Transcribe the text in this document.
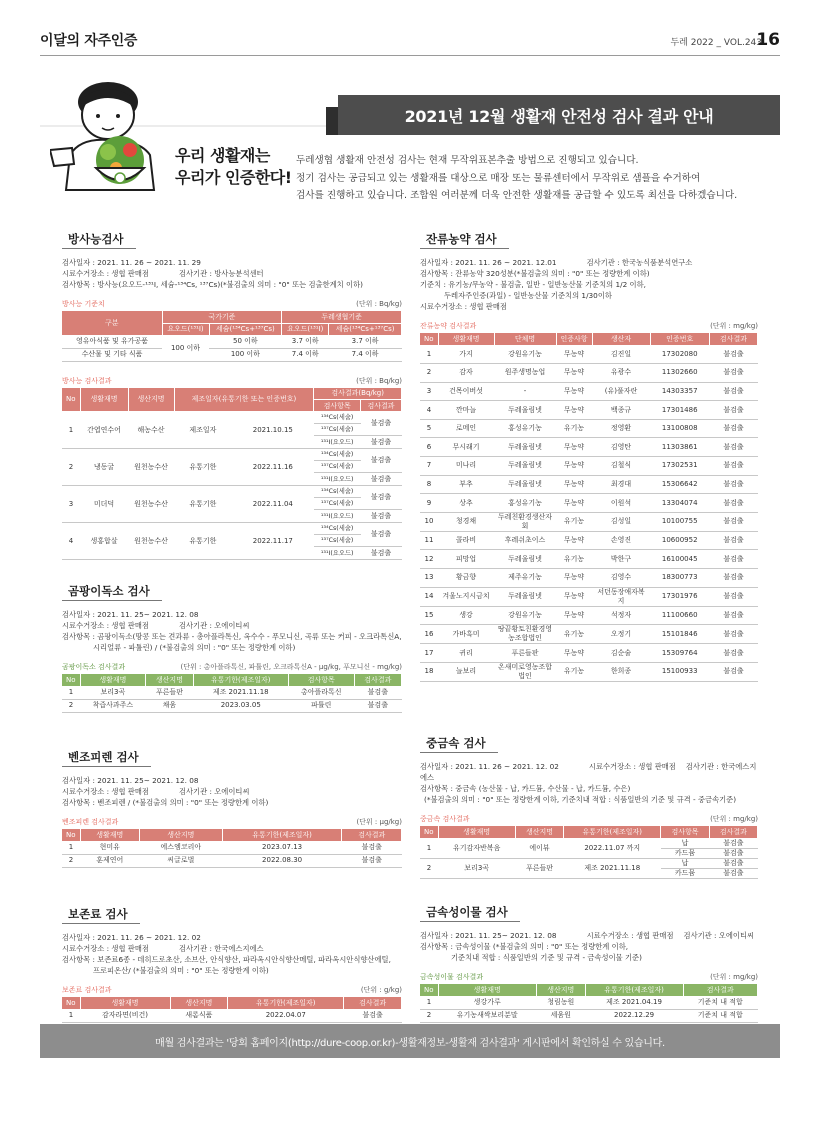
이달의 자주인증	두레 2022 _ VOL.243
16
2021년 12월 생활재 안전성 검사 결과 안내
우리 생활재는
우리가 인증한다!
두레생협 생활재 안전성 검사는 현재 무작위표본추출 방법으로 진행되고 있습니다.
정기 검사는 공급되고 있는 생활재를 대상으로 매장 또는 물류센터에서 무작위로 샘플을 수거하여
검사를 진행하고 있습니다. 조합원 여러분께 더욱 안전한 생활재를 공급할 수 있도록 최선을 다하겠습니다.
방사능검사
검사일자 : 2021. 11. 26 ~ 2021. 11. 29
시료수거장소 : 생협 판매점	검사기관 : 방사능분석센터
검사항목 : 방사능(요오드-¹³¹I, 세슘-¹³⁴Cs, ¹³⁷Cs)(*불검출의 의미 : "0" 또는 검출한계치 이하)
방사능 기준치	(단위 : Bq/kg)
구분	국가기준		두레생협기준	
	요오드(¹³¹I)	세슘(¹³⁴Cs+¹³⁷Cs)	요오드(¹³¹I)	세슘(¹³⁴Cs+¹³⁷Cs)
영유아식품 및 유가공품	100 이하	50 이하	3.7 이하	3.7 이하
수산물 및 기타 식품		100 이하	7.4 이하	7.4 이하
방사능 검사결과	(단위 : Bq/kg)
No	생활재명	생산지명	제조일자(유통기한 또는 인증번호)		검사결과(Bq/kg)	
					검사항목	검사결과
1	간엽연수어	해농수산	제조일자	2021.10.15	¹³⁴Cs(세슘)	불검출
					¹³⁷Cs(세슘)	
					¹³¹I(요오드)	불검출
2	냉동굴	원천농수산	유통기한	2022.11.16	¹³⁴Cs(세슘)	불검출
					¹³⁷Cs(세슘)	
					¹³¹I(요오드)	불검출
3	미더덕	원천농수산	유통기한	2022.11.04	¹³⁴Cs(세슘)	불검출
					¹³⁷Cs(세슘)	
					¹³¹I(요오드)	불검출
4	생홍합살	원천농수산	유통기한	2022.11.17	¹³⁴Cs(세슘)	불검출
					¹³⁷Cs(세슘)	
					¹³¹I(요오드)	불검출
곰팡이독소 검사
검사일자 : 2021. 11. 25~ 2021. 12. 08
시료수거장소 : 생협 판매점	검사기관 : 오에이티씨
검사항목 : 곰팡이독소(땅콩 또는 견과류 - 총아플라톡신, 옥수수 - 푸모니신, 곡류 또는 커피 - 오크라톡신A,
시리얼류 - 파튤린) / (*불검출의 의미 : "0" 또는 정량한계 이하)
곰팡이독소 검사결과	(단위 : 총아플라톡신, 파튤린, 오크라톡신A - μg/kg, 푸모니신 - mg/kg)
No	생활재명	생산지명	유통기한(제조일자)	검사항목	검사결과
1	보리3곡	푸른들판	제조 2021.11.18	총아플라톡신	불검출
2	착즙사과주스	채움	2023.03.05	파튤린	불검출
벤조피렌 검사
검사일자 : 2021. 11. 25~ 2021. 12. 08
시료수거장소 : 생협 판매점	검사기관 : 오에이티씨
검사항목 : 벤조피렌 / (*불검출의 의미 : "0" 또는 정량한계 이하)
벤조피렌 검사결과	(단위 : μg/kg)
No	생활재명	생산지명	유통기한(제조일자)	검사결과
1	현미유	에스엠코리아	2023.07.13	불검출
2	훈제연어	씨글로벌	2022.08.30	불검출
보존료 검사
검사일자 : 2021. 11. 26 ~ 2021. 12. 02
시료수거장소 : 생협 판매점	검사기관 : 한국에스지에스
검사항목 : 보존료6종 - 데히드로초산, 소브산, 안식향산, 파라옥시안식향산메틸, 파라옥시안식향산에틸,
프로피온산/ (*불검출의 의미 : "0" 또는 정량한계 이하)
보존료 검사결과	(단위 : g/kg)
No	생활재명	생산지명	유통기한(제조일자)	검사결과
1	감자라면(비건)	새롬식품	2022.04.07	불검출
잔류농약 검사
검사일자 : 2021. 11. 26 ~ 2021. 12.01	검사기관 : 한국농식품분석연구소
검사항목 : 잔류농약 320성분(*불검출의 의미 : "0" 또는 정량한계 이하)
기준치 : 유기농/무농약 - 불검출, 일반 - 일반농산물 기준치의 1/2 이하,
두레자주인증(과일) - 일반농산물 기준치의 1/30이하
시료수거장소 : 생협 판매점
잔류농약 검사결과	(단위 : mg/kg)
No	생활재명	단체명	인증사항	생산자	인증번호	검사결과
1	가지	강원유기농	무농약	김진일	17302080	불검출
2	감자	원주생명농업	무농약	유광수	11302660	불검출
3	건목이버섯	-	무농약	(유)풀자란	14303357	불검출
4	깐마늘	두레울림넷	무농약	백종규	17301486	불검출
5	로메인	홍성유기농	유기농	정영환	13100808	불검출
6	무시래기	두레울림넷	무농약	김영탄	11303861	불검출
7	미나리	두레울림넷	무농약	김철식	17302531	불검출
8	부추	두레울림넷	무농약	최경대	15306642	불검출
9	상추	홍성유기농	무농약	이원석	13304074	불검출
10	청경채	두레친환경생산자회	유기농	김성일	10100755	불검출
11	콜라비	후레쉬초이스	무농약	손영진	10600952	불검출
12	피망업	두레울림넷	유기농	박한구	16100045	불검출
13	황금향	제주유기농	무농약	김영수	18300773	불검출
14	겨울노지시금치	두레울림넷	무농약	서던동장애자복지	17301976	불검출
15	생강	강원유기농	무농약	석정자	11100660	불검출
16	가바흑미	땅끝황토친환경영농조합법인	유기농	오정기	15101846	불검출
17	귀리	푸른들판	무농약	김순술	15309764	불검출
18	늘보리	온새미로영농조합법인	유기농	한희종	15100933	불검출
중금속 검사
검사일자 : 2021. 11. 26 ~ 2021. 12. 02	시료수거장소 : 생협 판매점 검사기관 : 한국에스지에스
검사항목 : 중금속 (농산물 - 납, 카드뮴, 수산물 - 납, 카드뮴, 수은)
(*불검출의 의미 : "0" 또는 정량한계 이하, 기준치내 적합 : 식품일반의 기준 및 규격 - 중금속기준)
중금속 검사결과	(단위 : mg/kg)
No	생활재명	생산지명	유통기한(제조일자)	검사항목	검사결과
1	유기감자반복음	에이뷰	2022.11.07 까지	납	불검출
				카드뮴	불검출
2	보리3곡	푸른들판	제조 2021.11.18	납	불검출
				카드뮴	불검출
금속성이물 검사
검사일자 : 2021. 11. 25~ 2021. 12. 08	시료수거장소 : 생협 판매점 검사기관 : 오에이티씨
검사항목 : 금속성이물 (*불검출의 의미 : "0" 또는 정량한계 이하,
기준치내 적합 : 식품일반의 기준 및 규격 - 금속성이물 기준)
금속성이물 검사결과	(단위 : mg/kg)
No	생활재명	생산지명	유통기한(제조일자)	검사결과
1	생강가루	청림농원	제조 2021.04.19	기준치 내 적합
2	유기농새싹보리분말	세움원	2022.12.29	기준치 내 적합
매월 검사결과는 '당회 홈페이지(http://dure-coop.or.kr)-생활재정보-생활재 검사결과' 게시판에서 확인하실 수 있습니다.
